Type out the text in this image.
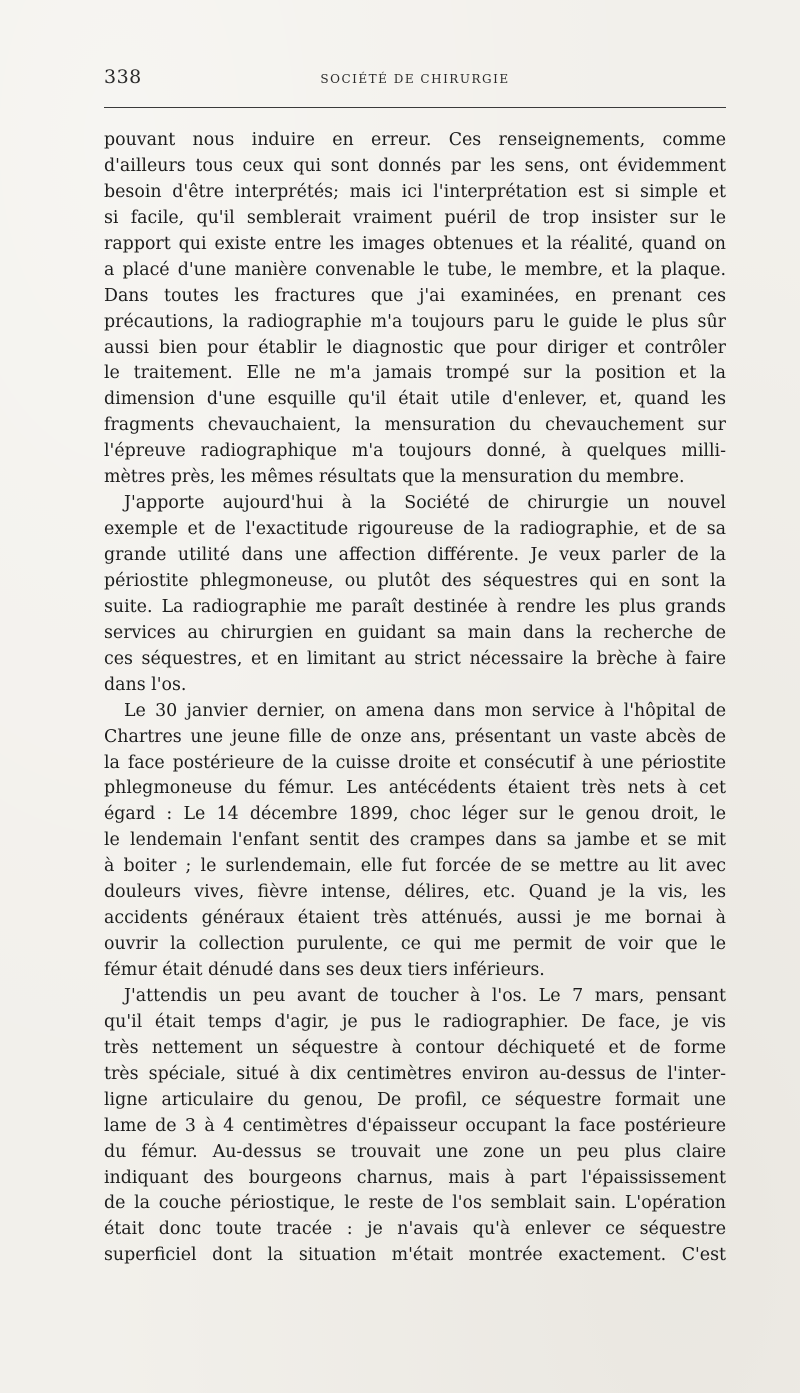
338	SOCIÉTÉ DE CHIRURGIE
pouvant nous induire en erreur. Ces renseignements, comme
d'ailleurs tous ceux qui sont donnés par les sens, ont évidemment
besoin d'être interprétés; mais ici l'interprétation est si simple et
si facile, qu'il semblerait vraiment puéril de trop insister sur le
rapport qui existe entre les images obtenues et la réalité, quand on
a placé d'une manière convenable le tube, le membre, et la plaque.
Dans toutes les fractures que j'ai examinées, en prenant ces
précautions, la radiographie m'a toujours paru le guide le plus sûr
aussi bien pour établir le diagnostic que pour diriger et contrôler
le traitement. Elle ne m'a jamais trompé sur la position et la
dimension d'une esquille qu'il était utile d'enlever, et, quand les
fragments chevauchaient, la mensuration du chevauchement sur
l'épreuve radiographique m'a toujours donné, à quelques milli-
mètres près, les mêmes résultats que la mensuration du membre.
J'apporte aujourd'hui à la Société de chirurgie un nouvel
exemple et de l'exactitude rigoureuse de la radiographie, et de sa
grande utilité dans une affection différente. Je veux parler de la
périostite phlegmoneuse, ou plutôt des séquestres qui en sont la
suite. La radiographie me paraît destinée à rendre les plus grands
services au chirurgien en guidant sa main dans la recherche de
ces séquestres, et en limitant au strict nécessaire la brèche à faire
dans l'os.
Le 30 janvier dernier, on amena dans mon service à l'hôpital de
Chartres une jeune fille de onze ans, présentant un vaste abcès de
la face postérieure de la cuisse droite et consécutif à une périostite
phlegmoneuse du fémur. Les antécédents étaient très nets à cet
égard : Le 14 décembre 1899, choc léger sur le genou droit, le
le lendemain l'enfant sentit des crampes dans sa jambe et se mit
à boiter ; le surlendemain, elle fut forcée de se mettre au lit avec
douleurs vives, fièvre intense, délires, etc. Quand je la vis, les
accidents généraux étaient très atténués, aussi je me bornai à
ouvrir la collection purulente, ce qui me permit de voir que le
fémur était dénudé dans ses deux tiers inférieurs.
J'attendis un peu avant de toucher à l'os. Le 7 mars, pensant
qu'il était temps d'agir, je pus le radiographier. De face, je vis
très nettement un séquestre à contour déchiqueté et de forme
très spéciale, situé à dix centimètres environ au-dessus de l'inter-
ligne articulaire du genou, De profil, ce séquestre formait une
lame de 3 à 4 centimètres d'épaisseur occupant la face postérieure
du fémur. Au-dessus se trouvait une zone un peu plus claire
indiquant des bourgeons charnus, mais à part l'épaississement
de la couche périostique, le reste de l'os semblait sain. L'opération
était donc toute tracée : je n'avais qu'à enlever ce séquestre
superficiel dont la situation m'était montrée exactement. C'est
